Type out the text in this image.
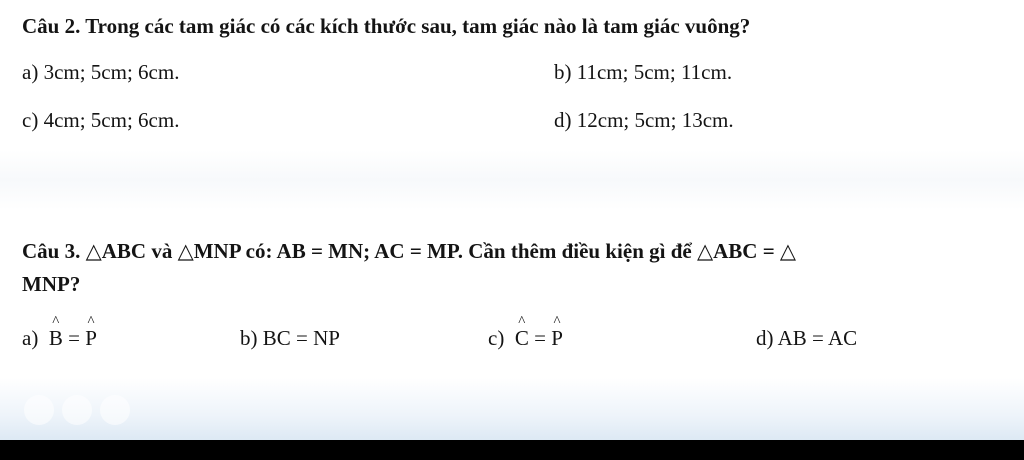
Câu 2. Trong các tam giác có các kích thước sau, tam giác nào là tam giác vuông?
a) 3cm; 5cm; 6cm.	b) 11cm; 5cm; 11cm.
c) 4cm; 5cm; 6cm.	d) 12cm; 5cm; 13cm.
Câu 3. △ABC và △MNP có: AB = MN; AC = MP. Cần thêm điều kiện gì để △ABC = △
MNP?
a) ^ B = ^ P	b) BC = NP	c) ^ C = ^ P	d) AB = AC
